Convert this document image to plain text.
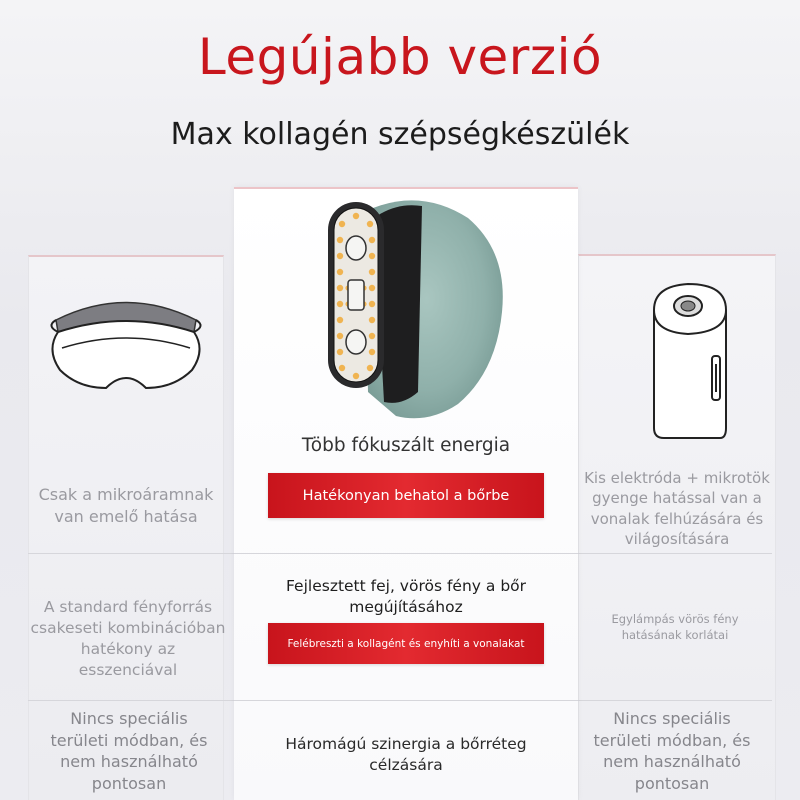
Legújabb verzió
Max kollagén szépségkészülék
Csak a mikroáramnak van emelő hatása
A standard fényforrás csakeseti kombinációban hatékony az esszenciával
Nincs speciális területi módban, és nem használható pontosan
Kis elektróda + mikrotök gyenge hatással van a vonalak felhúzására és világosítására
Egylámpás vörös fény hatásának korlátai
Nincs speciális területi módban, és nem használható pontosan
Több fókuszált energia
Hatékonyan behatol a bőrbe
Fejlesztett fej, vörös fény a bőr megújításához
Felébreszti a kollagént és enyhíti a vonalakat
Háromágú szinergia a bőrréteg célzására
